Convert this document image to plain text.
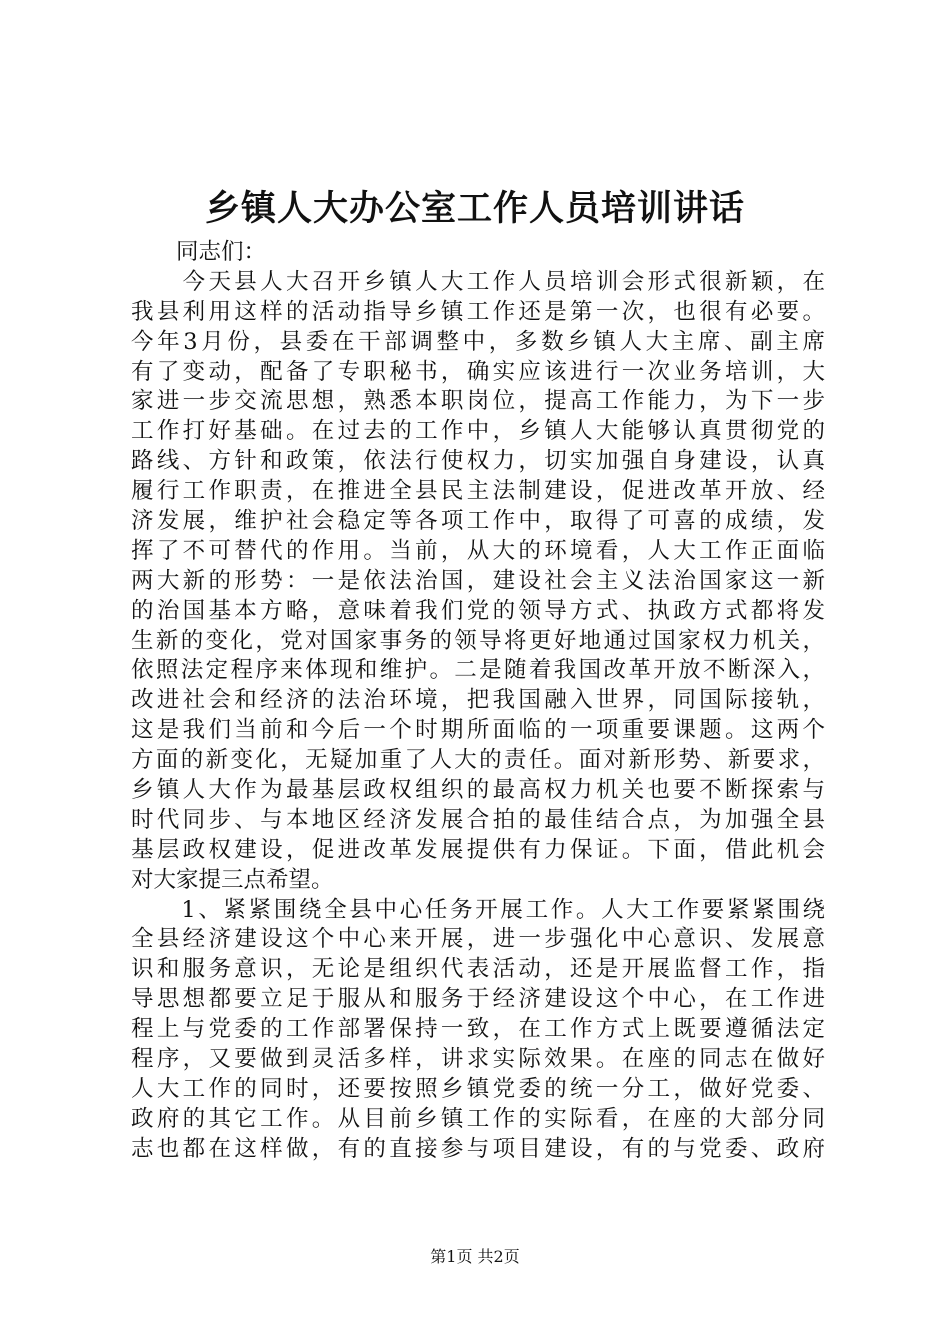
乡镇人大办公室工作人员培训讲话
　　同志们：
　　今天县人大召开乡镇人大工作人员培训会形式很新颖，在
我县利用这样的活动指导乡镇工作还是第一次，也很有必要。
今年3月份，县委在干部调整中，多数乡镇人大主席、副主席
有了变动，配备了专职秘书，确实应该进行一次业务培训，大
家进一步交流思想，熟悉本职岗位，提高工作能力，为下一步
工作打好基础。在过去的工作中，乡镇人大能够认真贯彻党的
路线、方针和政策，依法行使权力，切实加强自身建设，认真
履行工作职责，在推进全县民主法制建设，促进改革开放、经
济发展，维护社会稳定等各项工作中，取得了可喜的成绩，发
挥了不可替代的作用。当前，从大的环境看，人大工作正面临
两大新的形势：一是依法治国，建设社会主义法治国家这一新
的治国基本方略，意味着我们党的领导方式、执政方式都将发
生新的变化，党对国家事务的领导将更好地通过国家权力机关，
依照法定程序来体现和维护。二是随着我国改革开放不断深入，
改进社会和经济的法治环境，把我国融入世界，同国际接轨，
这是我们当前和今后一个时期所面临的一项重要课题。这两个
方面的新变化，无疑加重了人大的责任。面对新形势、新要求，
乡镇人大作为最基层政权组织的最高权力机关也要不断探索与
时代同步、与本地区经济发展合拍的最佳结合点，为加强全县
基层政权建设，促进改革发展提供有力保证。下面，借此机会
对大家提三点希望。
　　1、紧紧围绕全县中心任务开展工作。人大工作要紧紧围绕
全县经济建设这个中心来开展，进一步强化中心意识、发展意
识和服务意识，无论是组织代表活动，还是开展监督工作，指
导思想都要立足于服从和服务于经济建设这个中心，在工作进
程上与党委的工作部署保持一致，在工作方式上既要遵循法定
程序，又要做到灵活多样，讲求实际效果。在座的同志在做好
人大工作的同时，还要按照乡镇党委的统一分工，做好党委、
政府的其它工作。从目前乡镇工作的实际看，在座的大部分同
志也都在这样做，有的直接参与项目建设，有的与党委、政府
第1页 共2页
